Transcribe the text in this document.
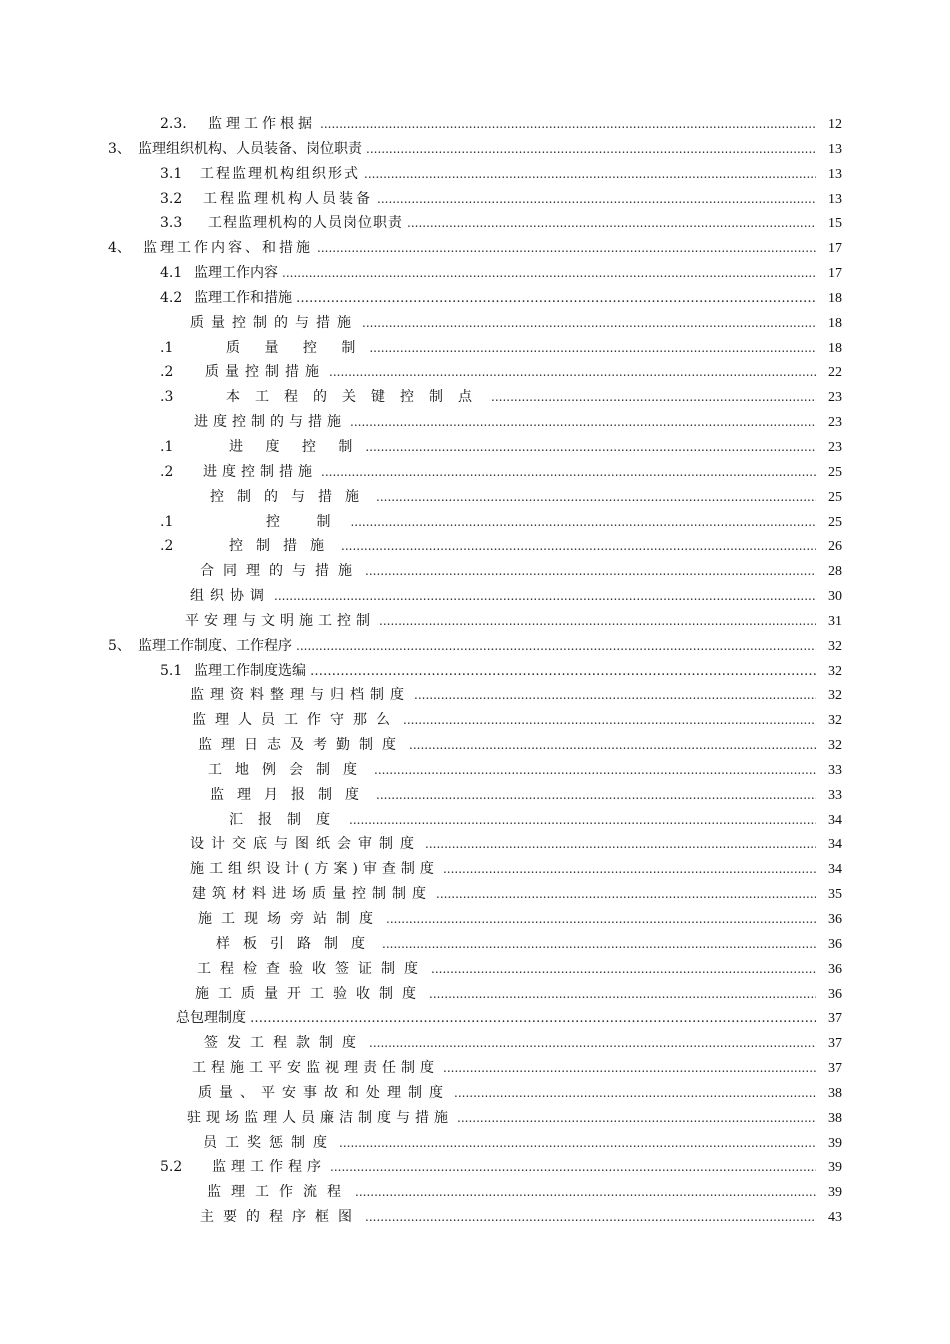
2.3. 监理工作根据 .....	12
3、 监理组织机构、人员装备、岗位职责 .....	13
3.1 工程监理机构组织形式 .....	13
3.2 工程监理机构人员装备 .....	13
3.3 工程监理机构的人员岗位职责 .....	15
4、 监理工作内容、和措施 .....	17
4.1 监理工作内容 .....	17
4.2 监理工作和措施 …………………………………………………………………………………………………………………………………………………………………………………………	18
质量控制的与措施 .....	18
.1	质 量 控 制 .....	18
.2 质量控制措施 .....	22
.3	本工程的关键控制点 .....	23
进度控制的与措施 .....	23
.1	进 度 控 制 .....	23
.2 进度控制措施 .....	25
控制的与措施 .....	25
.1	控 制 .....	25
.2	控制措施 .....	26
合同理的与措施 .....	28
组织协调 .....	30
平安理与文明施工控制 .....	31
5、 监理工作制度、工作程序 .....	32
5.1 监理工作制度选编 …………………………………………………………………………………………………………………………………………………………………………………………	32
监理资料整理与归档制度 .....	32
监理人员工作守那么 .....	32
监理日志及考勤制度 .....	32
工地例会制度 .....	33
监理月报制度 .....	33
汇报制度 .....	34
设计交底与图纸会审制度 .....	34
施工组织设计(方案)审查制度 .....	34
建筑材料进场质量控制制度 .....	35
施工现场旁站制度 .....	36
样板引路制度 .....	36
工程检查验收签证制度 .....	36
施工质量开工验收制度 .....	36
总包理制度 …………………………………………………………………………………………………………………………………………………………………………………………	37
签发工程款制度 .....	37
工程施工平安监视理责任制度 .....	37
质量、平安事故和处理制度 .....	38
驻现场监理人员廉洁制度与措施 .....	38
员工奖惩制度 .....	39
5.2 监理工作程序 .....	39
监理工作流程 .....	39
主要的程序框图 .....	43
